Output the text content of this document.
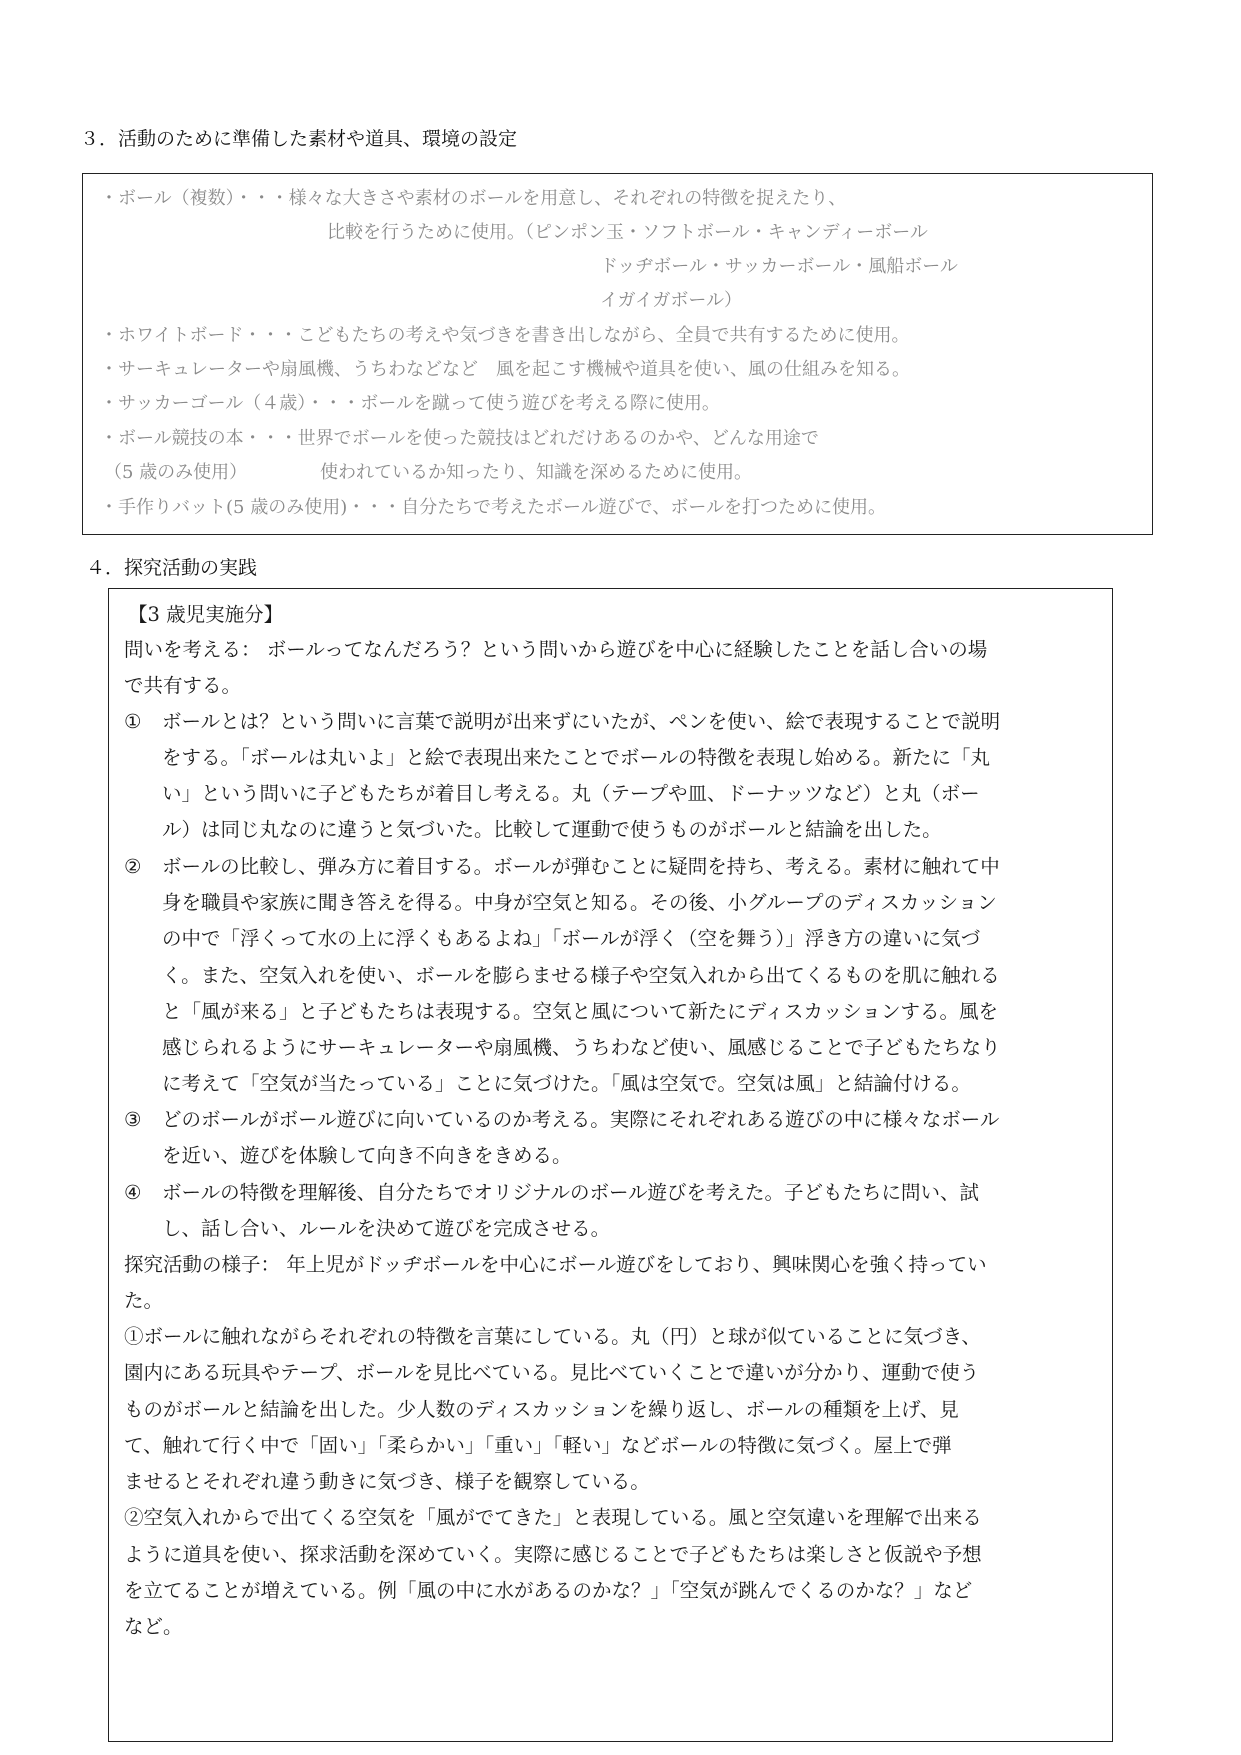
３．活動のために準備した素材や道具、環境の設定
・ボール（複数）・・・様々な大きさや素材のボールを用意し、それぞれの特徴を捉えたり、
比較を行うために使用。（ピンポン玉・ソフトボール・キャンディーボール
ドッヂボール・サッカーボール・風船ボール
イガイガボール）
・ホワイトボード・・・こどもたちの考えや気づきを書き出しながら、全員で共有するために使用。
・サーキュレーターや扇風機、うちわなどなど　風を起こす機械や道具を使い、風の仕組みを知る。
・サッカーゴール（４歳）・・・ボールを蹴って使う遊びを考える際に使用。
・ボール競技の本・・・世界でボールを使った競技はどれだけあるのかや、どんな用途で
（5 歳のみ使用）	使われているか知ったり、知識を深めるために使用。
・手作りバット(5 歳のみ使用)・・・自分たちで考えたボール遊びで、ボールを打つために使用。
４．探究活動の実践
【3 歳児実施分】
問いを考える： ボールってなんだろう？という問いから遊びを中心に経験したことを話し合いの場
で共有する。
① ボールとは？という問いに言葉で説明が出来ずにいたが、ペンを使い、絵で表現することで説明
をする。「ボールは丸いよ」と絵で表現出来たことでボールの特徴を表現し始める。新たに「丸
い」という問いに子どもたちが着目し考える。丸（テープや皿、ドーナッツなど）と丸（ボー
ル）は同じ丸なのに違うと気づいた。比較して運動で使うものがボールと結論を出した。
② ボールの比較し、弾み方に着目する。ボールが弾むことに疑問を持ち、考える。素材に触れて中
身を職員や家族に聞き答えを得る。中身が空気と知る。その後、小グループのディスカッション
の中で「浮くって水の上に浮くもあるよね」「ボールが浮く（空を舞う）」浮き方の違いに気づ
く。また、空気入れを使い、ボールを膨らませる様子や空気入れから出てくるものを肌に触れる
と「風が来る」と子どもたちは表現する。空気と風について新たにディスカッションする。風を
感じられるようにサーキュレーターや扇風機、うちわなど使い、風感じることで子どもたちなり
に考えて「空気が当たっている」ことに気づけた。「風は空気で。空気は風」と結論付ける。
③ どのボールがボール遊びに向いているのか考える。実際にそれぞれある遊びの中に様々なボール
を近い、遊びを体験して向き不向きをきめる。
④ ボールの特徴を理解後、自分たちでオリジナルのボール遊びを考えた。子どもたちに問い、試
し、話し合い、ルールを決めて遊びを完成させる。
探究活動の様子： 年上児がドッヂボールを中心にボール遊びをしており、興味関心を強く持ってい
た。
①ボールに触れながらそれぞれの特徴を言葉にしている。丸（円）と球が似ていることに気づき、
園内にある玩具やテープ、ボールを見比べている。見比べていくことで違いが分かり、運動で使う
ものがボールと結論を出した。少人数のディスカッションを繰り返し、ボールの種類を上げ、見
て、触れて行く中で「固い」「柔らかい」「重い」「軽い」などボールの特徴に気づく。屋上で弾
ませるとそれぞれ違う動きに気づき、様子を観察している。
②空気入れからで出てくる空気を「風がでてきた」と表現している。風と空気違いを理解で出来る
ように道具を使い、探求活動を深めていく。実際に感じることで子どもたちは楽しさと仮説や予想
を立てることが増えている。例「風の中に水があるのかな？」「空気が跳んでくるのかな？」など
など。
